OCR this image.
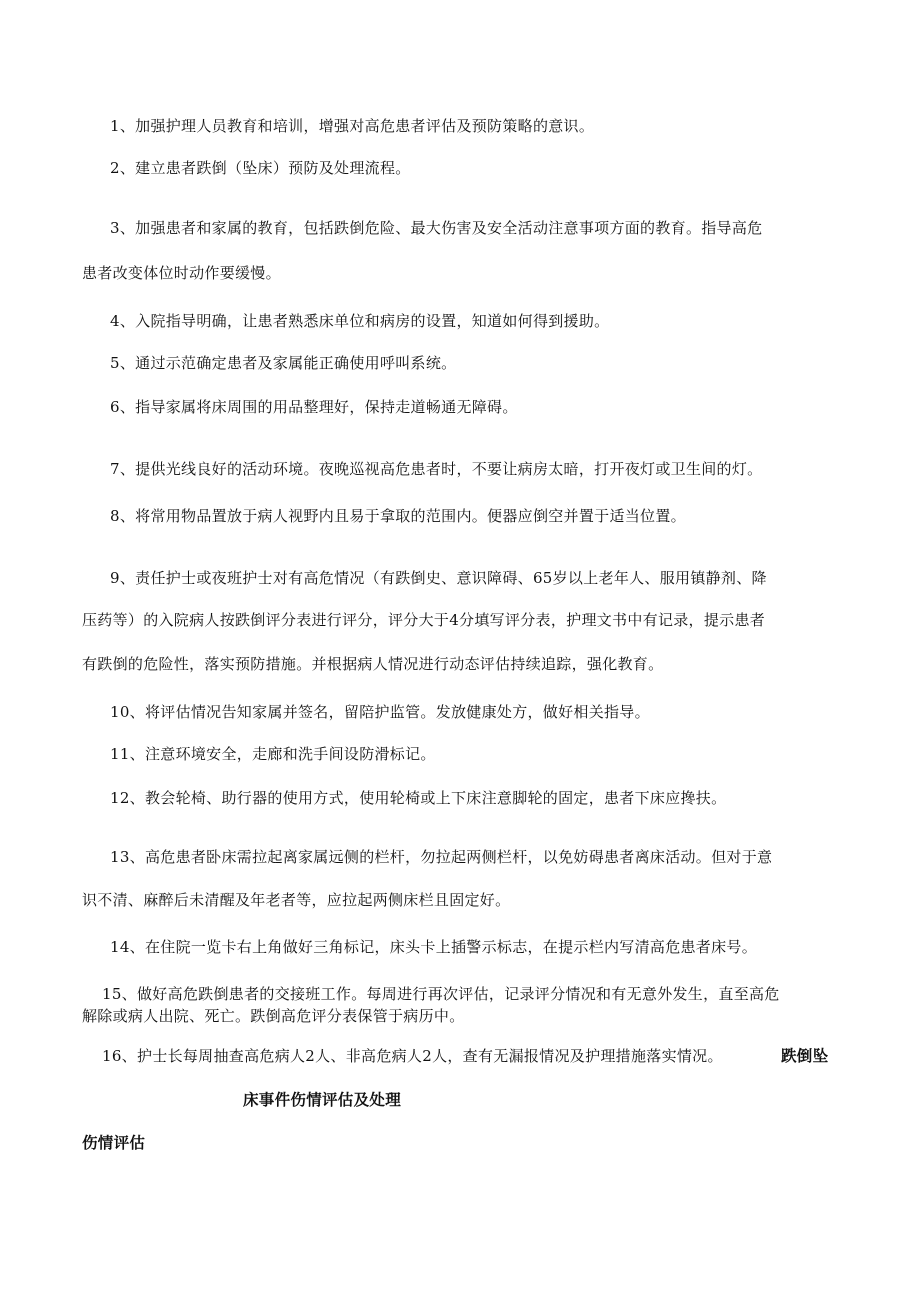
1、加强护理人员教育和培训，增强对高危患者评估及预防策略的意识。
2、建立患者跌倒（坠床）预防及处理流程。
3、加强患者和家属的教育，包括跌倒危险、最大伤害及安全活动注意事项方面的教育。指导高危
患者改变体位时动作要缓慢。
4、入院指导明确，让患者熟悉床单位和病房的设置，知道如何得到援助。
5、通过示范确定患者及家属能正确使用呼叫系统。
6、指导家属将床周围的用品整理好，保持走道畅通无障碍。
7、提供光线良好的活动环境。夜晚巡视高危患者时，不要让病房太暗，打开夜灯或卫生间的灯。
8、将常用物品置放于病人视野内且易于拿取的范围内。便器应倒空并置于适当位置。
9、责任护士或夜班护士对有高危情况（有跌倒史、意识障碍、65岁以上老年人、服用镇静剂、降
压药等）的入院病人按跌倒评分表进行评分，评分大于4分填写评分表，护理文书中有记录，提示患者
有跌倒的危险性，落实预防措施。并根据病人情况进行动态评估持续追踪，强化教育。
10、将评估情况告知家属并签名，留陪护监管。发放健康处方，做好相关指导。
11、注意环境安全，走廊和洗手间设防滑标记。
12、教会轮椅、助行器的使用方式，使用轮椅或上下床注意脚轮的固定，患者下床应搀扶。
13、高危患者卧床需拉起离家属远侧的栏杆，勿拉起两侧栏杆，以免妨碍患者离床活动。但对于意
识不清、麻醉后未清醒及年老者等，应拉起两侧床栏且固定好。
14、在住院一览卡右上角做好三角标记，床头卡上插警示标志，在提示栏内写清高危患者床号。
15、做好高危跌倒患者的交接班工作。每周进行再次评估，记录评分情况和有无意外发生，直至高危
解除或病人出院、死亡。跌倒高危评分表保管于病历中。
16、护士长每周抽查高危病人2人、非高危病人2人，查有无漏报情况及护理措施落实情况。	跌倒坠
床事件伤情评估及处理
伤情评估
